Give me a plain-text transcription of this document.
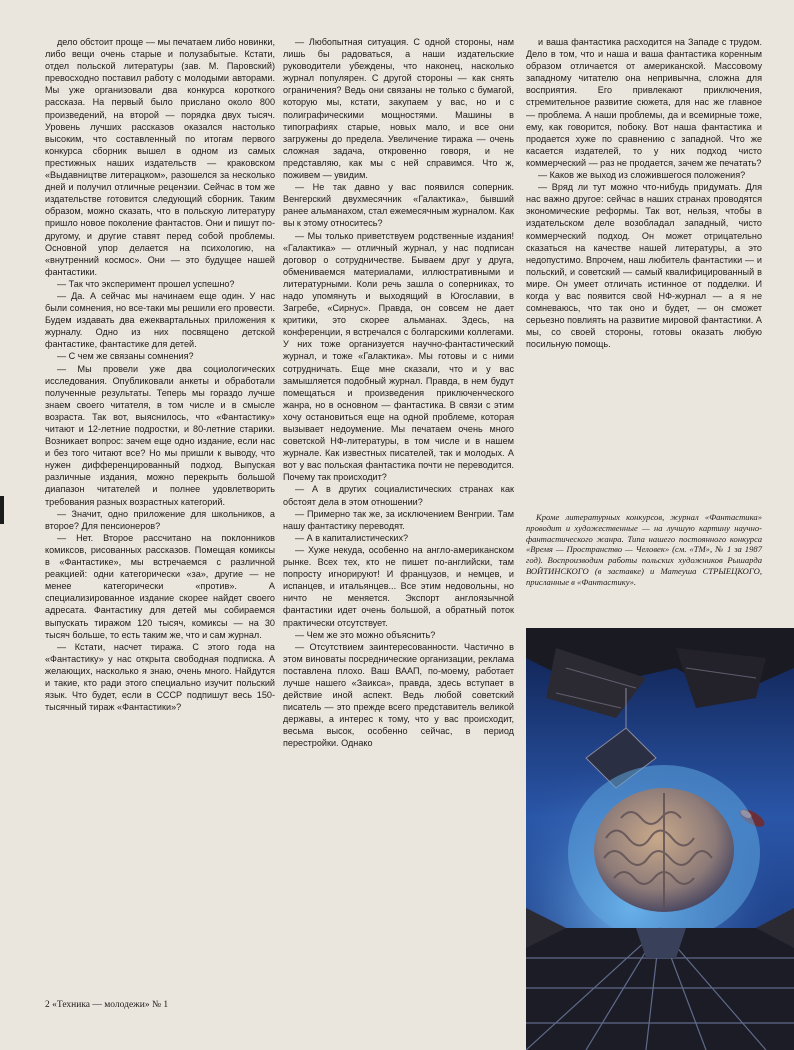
дело обстоит проще — мы печатаем либо новинки, либо вещи очень старые и полузабытые. Кстати, отдел польской литературы (зав. М. Паровский) превосходно поставил работу с молодыми авторами. Мы уже организовали два конкурса короткого рассказа. На первый было прислано около 800 произведений, на второй — порядка двух тысяч. Уровень лучших рассказов оказался настолько высоким, что составленный по итогам первого конкурса сборник вышел в одном из самых престижных наших издательств — краковском «Выдавництве литерацком», разошелся за несколько дней и получил отличные рецензии. Сейчас в том же издательстве готовится следующий сборник. Таким образом, можно сказать, что в польскую литературу пришло новое поколение фантастов. Они и пишут по-другому, и другие ставят перед собой проблемы. Основной упор делается на психологию, на «внутренний космос». Они — это будущее нашей фантастики.

— Так что эксперимент прошел успешно?

— Да. А сейчас мы начинаем еще один. У нас были сомнения, но все-таки мы решили его провести. Будем издавать два ежеквартальных приложения к журналу. Одно из них посвящено детской фантастике, фантастике для детей.

— С чем же связаны сомнения?

— Мы провели уже два социологических исследования. Опубликовали анкеты и обработали полученные результаты. Теперь мы гораздо лучше знаем своего читателя, в том числе и в смысле возраста. Так вот, выяснилось, что «Фантастику» читают и 12-летние подростки, и 80-летние старики. Возникает вопрос: зачем еще одно издание, если нас и без того читают все? Но мы пришли к выводу, что нужен дифференцированный подход. Выпуская различные издания, можно перекрыть большой диапазон читателей и полнее удовлетворить требования разных возрастных категорий.

— Значит, одно приложение для школьников, а второе? Для пенсионеров?

— Нет. Второе рассчитано на поклонников комиксов, рисованных рассказов. Помещая комиксы в «Фантастике», мы встречаемся с различной реакцией: одни категорически «за», другие — не менее категорически «против». А специализированное издание скорее найдет своего адресата. Фантастику для детей мы собираемся выпускать тиражом 120 тысяч, комиксы — на 30 тысяч больше, то есть таким же, что и сам журнал.

— Кстати, насчет тиража. С этого года на «Фантастику» у нас открыта свободная подписка. А желающих, насколько я знаю, очень много. Найдутся и такие, кто ради этого специально изучит польский язык. Что будет, если в СССР подпишут весь 150-тысячный тираж «Фантастики»?

— Любопытная ситуация. С одной стороны, нам лишь бы радоваться, а наши издательские руководители убеждены, что наконец, насколько журнал популярен. С другой стороны — как снять ограничения? Ведь они связаны не только с бумагой, которую мы, кстати, закупаем у вас, но и с полиграфическими мощностями. Машины в типографиях старые, новых мало, и все они загружены до предела. Увеличение тиража — очень сложная задача, откровенно говоря, и не представляю, как мы с ней справимся. Что ж, поживем — увидим.

— Не так давно у вас появился соперник. Венгерский двухмесячник «Галактика», бывший ранее альманахом, стал ежемесячным журналом. Как вы к этому относитесь?

— Мы только приветствуем родственные издания! «Галактика» — отличный журнал, у нас подписан договор о сотрудничестве. Бываем друг у друга, обмениваемся материалами, иллюстративными и литературными. Коли речь зашла о соперниках, то надо упомянуть и выходящий в Югославии, в Загребе, «Сирнус». Правда, он совсем не дает критики, это скорее альманах. Здесь, на конференции, я встречался с болгарскими коллегами. У них тоже организуется научно-фантастический журнал, и тоже «Галактика». Мы готовы и с ними сотрудничать. Еще мне сказали, что и у вас замышляется подобный журнал. Правда, в нем будут помещаться и произведения приключенческого жанра, но в основном — фантастика. В связи с этим хочу остановиться еще на одной проблеме, которая вызывает недоумение. Мы печатаем очень много советской НФ-литературы, в том числе и в нашем журнале. Как известных писателей, так и молодых. А вот у вас польская фантастика почти не переводится. Почему так происходит?

— А в других социалистических странах как обстоят дела в этом отношении?

— Примерно так же, за исключением Венгрии. Там нашу фантастику переводят.

— А в капиталистических?

— Хуже некуда, особенно на англо-американском рынке. Всех тех, кто не пишет по-английски, там попросту игнорируют! И французов, и немцев, и испанцев, и итальянцев... Все этим недовольны, но ничто не меняется. Экспорт англоязычной фантастики идет очень большой, а обратный поток практически отсутствует.

— Чем же это можно объяснить?

— Отсутствием заинтересованности. Частично в этом виноваты посреднические организации, реклама поставлена плохо. Ваш ВААП, по-моему, работает лучше нашего «Заикса», правда, здесь вступает в действие иной аспект. Ведь любой советский писатель — это прежде всего представитель великой державы, а интерес к тому, что у вас происходит, весьма высок, особенно сейчас, в период перестройки. Однако

и ваша фантастика расходится на Западе с трудом. Дело в том, что и наша и ваша фантастика коренным образом отличается от американской. Массовому западному читателю она непривычна, сложна для восприятия. Его привлекают приключения, стремительное развитие сюжета, для нас же главное — проблема. А наши проблемы, да и всемирные тоже, ему, как говорится, побоку. Вот наша фантастика и продается хуже по сравнению с западной. Что же касается издателей, то у них подход чисто коммерческий — раз не продается, зачем же печатать?

— Каков же выход из сложившегося положения?

— Вряд ли тут можно что-нибудь придумать. Для нас важно другое: сейчас в наших странах проводятся экономические реформы. Так вот, нельзя, чтобы в издательском деле возобладал западный, чисто коммерческий подход. Он может отрицательно сказаться на качестве нашей литературы, а это недопустимо. Впрочем, наш любитель фантастики — и польский, и советский — самый квалифицированный в мире. Он умеет отличать истинное от подделки. И когда у вас появится свой НФ-журнал — а я не сомневаюсь, что так оно и будет, — он сможет серьезно повлиять на развитие мировой фантастики. А мы, со своей стороны, готовы оказать любую посильную помощь.

Кроме литературных конкурсов, журнал «Фантастика» проводит и художественные — на лучшую картину научно-фантастического жанра. Типа нашего постоянного конкурса «Время — Пространство — Человек» (см. «ТМ», № 1 за 1987 год). Воспроизводим работы польских художников Рышарда ВОЙТИНСКОГО (в заставке) и Матеуша СТРЫЕЦКОГО, присланные в «Фантастику».

2 «Техника — молодежи» № 1
